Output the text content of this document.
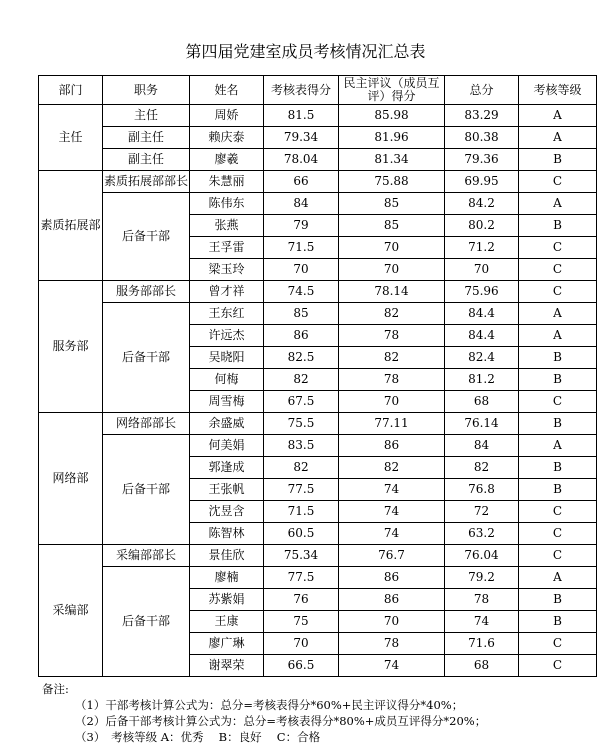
第四届党建室成员考核情况汇总表
部门	职务	姓名	考核表得分	民主评议（成员互评）得分	总分	考核等级
主任	主任	周娇	81.5	85.98	83.29	A
	副主任	赖庆泰	79.34	81.96	80.38	A
	副主任	廖羲	78.04	81.34	79.36	B
素质拓展部	素质拓展部部长	朱慧丽	66	75.88	69.95	C
	后备干部	陈伟东	84	85	84.2	A
		张燕	79	85	80.2	B
		王孚雷	71.5	70	71.2	C
		梁玉玲	70	70	70	C
服务部	服务部部长	曾才祥	74.5	78.14	75.96	C
	后备干部	王东红	85	82	84.4	A
		许远杰	86	78	84.4	A
		吴晓阳	82.5	82	82.4	B
		何梅	82	78	81.2	B
		周雪梅	67.5	70	68	C
网络部	网络部部长	余盛威	75.5	77.11	76.14	B
	后备干部	何美娟	83.5	86	84	A
		郭逢成	82	82	82	B
		王张帆	77.5	74	76.8	B
		沈昱含	71.5	74	72	C
		陈智林	60.5	74	63.2	C
采编部	采编部部长	景佳欣	75.34	76.7	76.04	C
	后备干部	廖楠	77.5	86	79.2	A
		苏紫娟	76	86	78	B
		王康	75	70	74	B
		廖广琳	70	78	71.6	C
		谢翠荣	66.5	74	68	C
备注:
（1）干部考核计算公式为：总分=考核表得分*60%+民主评议得分*40%；
（2）后备干部考核计算公式为：总分=考核表得分*80%+成员互评得分*20%；
（3）　考核等级 A：优秀　 B：良好　 C：合格
